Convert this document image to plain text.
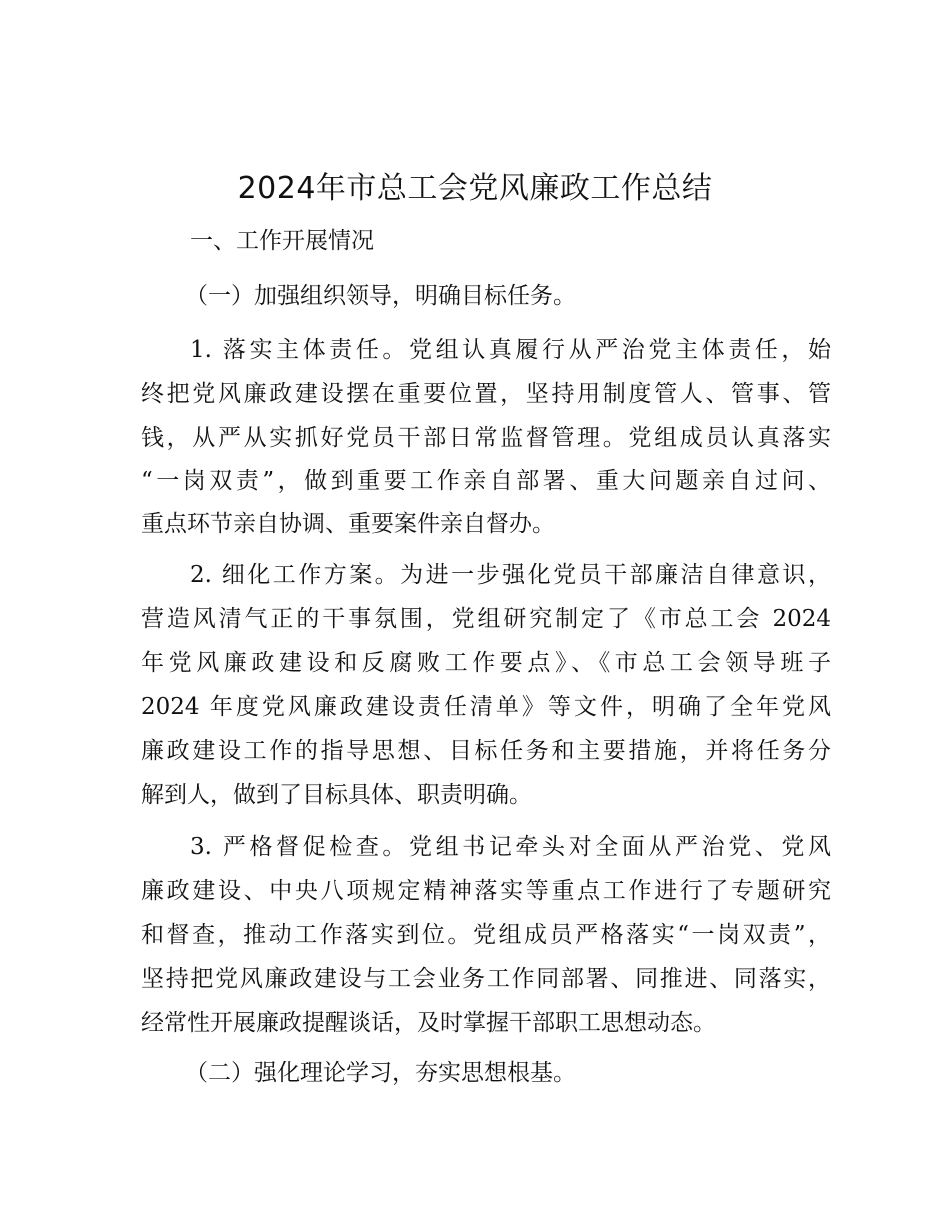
2024年市总工会党风廉政工作总结

一、工作开展情况

（一）加强组织领导，明确目标任务。

1. 落实主体责任。党组认真履行从严治党主体责任，始

终把党风廉政建设摆在重要位置，坚持用制度管人、管事、管

钱，从严从实抓好党员干部日常监督管理。党组成员认真落实

“一岗双责”，做到重要工作亲自部署、重大问题亲自过问、

重点环节亲自协调、重要案件亲自督办。

2. 细化工作方案。为进一步强化党员干部廉洁自律意识，

营造风清气正的干事氛围，党组研究制定了《市总工会 2024

年党风廉政建设和反腐败工作要点》、《市总工会领导班子

2024 年度党风廉政建设责任清单》等文件，明确了全年党风

廉政建设工作的指导思想、目标任务和主要措施，并将任务分

解到人，做到了目标具体、职责明确。

3. 严格督促检查。党组书记牵头对全面从严治党、党风

廉政建设、中央八项规定精神落实等重点工作进行了专题研究

和督查，推动工作落实到位。党组成员严格落实“一岗双责”，

坚持把党风廉政建设与工会业务工作同部署、同推进、同落实，

经常性开展廉政提醒谈话，及时掌握干部职工思想动态。

（二）强化理论学习，夯实思想根基。
